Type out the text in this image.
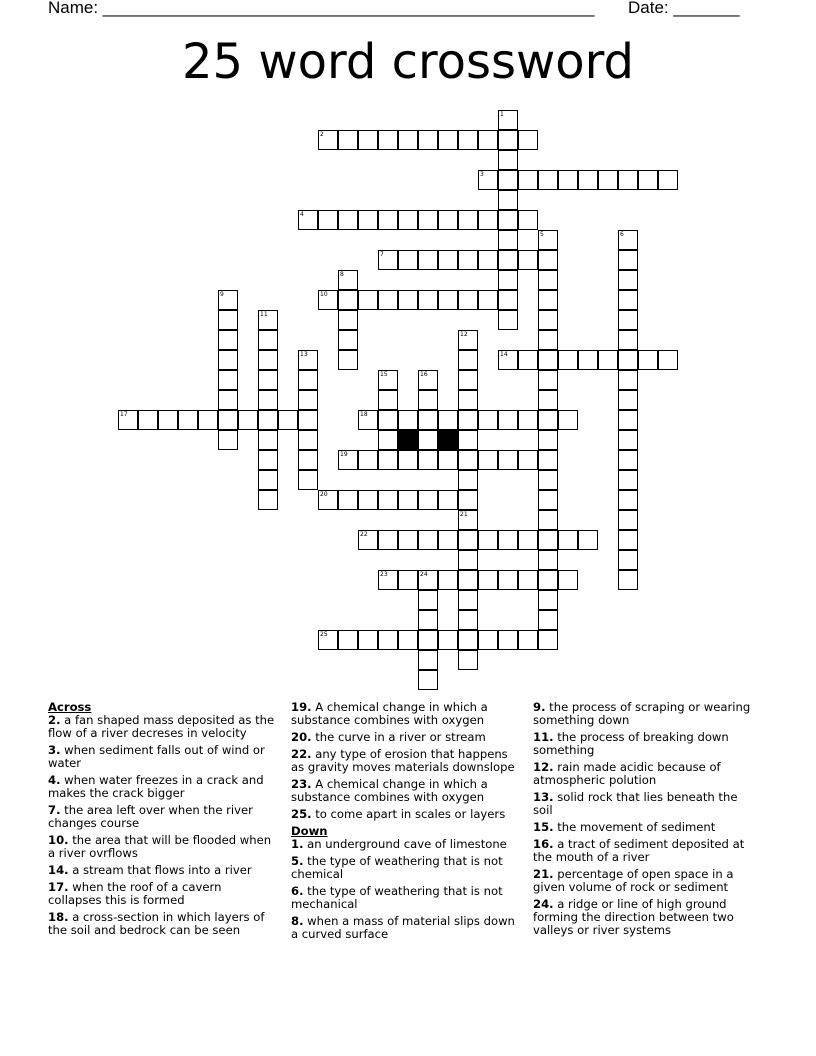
Name: ____________________________________________________ Date: _______
25 word crossword
1
2
3
4
5	6
7
8
9	10
11
12
13	14
15	16
17	18
19
20
21
22
23	24
25
Across
2. a fan shaped mass deposited as the flow of a river decreses in velocity
3. when sediment falls out of wind or water
4. when water freezes in a crack and makes the crack bigger
7. the area left over when the river changes course
10. the area that will be flooded when a river ovrflows
14. a stream that flows into a river
17. when the roof of a cavern collapses this is formed
18. a cross-section in which layers of the soil and bedrock can be seen
19. A chemical change in which a substance combines with oxygen
20. the curve in a river or stream
22. any type of erosion that happens as gravity moves materials downslope
23. A chemical change in which a substance combines with oxygen
25. to come apart in scales or layers
Down
1. an underground cave of limestone
5. the type of weathering that is not chemical
6. the type of weathering that is not mechanical
8. when a mass of material slips down a curved surface
9. the process of scraping or wearing something down
11. the process of breaking down something
12. rain made acidic because of atmospheric polution
13. solid rock that lies beneath the soil
15. the movement of sediment
16. a tract of sediment deposited at the mouth of a river
21. percentage of open space in a given volume of rock or sediment
24. a ridge or line of high ground forming the direction between two valleys or river systems
